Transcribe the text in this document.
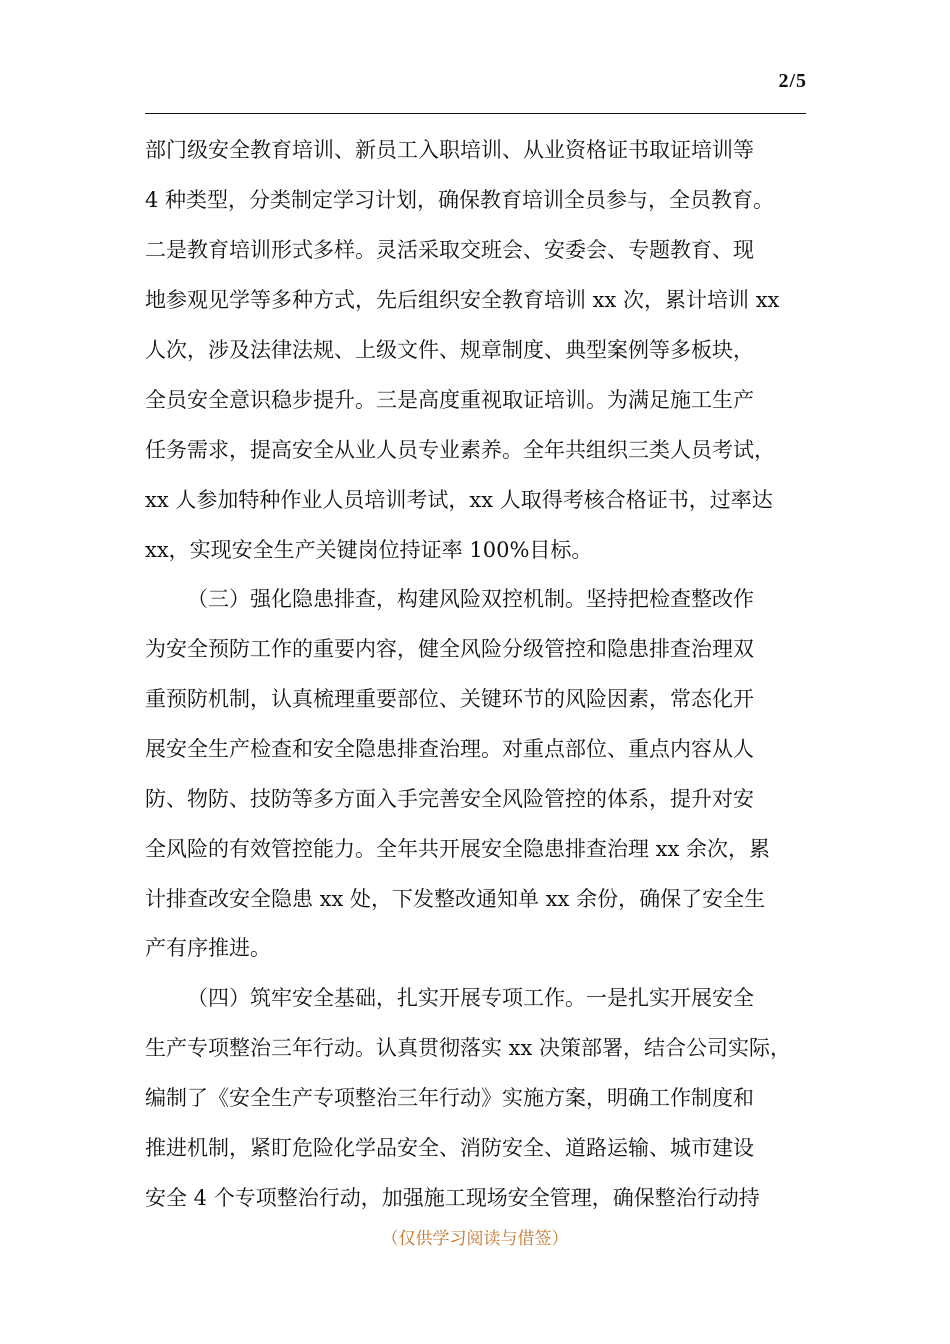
2/5
部门级安全教育培训、新员工入职培训、从业资格证书取证培训等
4 种类型，分类制定学习计划，确保教育培训全员参与，全员教育。
二是教育培训形式多样。灵活采取交班会、安委会、专题教育、现
地参观见学等多种方式，先后组织安全教育培训 xx 次，累计培训 xx
人次，涉及法律法规、上级文件、规章制度、典型案例等多板块，
全员安全意识稳步提升。三是高度重视取证培训。为满足施工生产
任务需求，提高安全从业人员专业素养。全年共组织三类人员考试，
xx 人参加特种作业人员培训考试，xx 人取得考核合格证书，过率达
xx，实现安全生产关键岗位持证率 100%目标。
（三）强化隐患排查，构建风险双控机制。坚持把检查整改作
为安全预防工作的重要内容，健全风险分级管控和隐患排查治理双
重预防机制，认真梳理重要部位、关键环节的风险因素，常态化开
展安全生产检查和安全隐患排查治理。对重点部位、重点内容从人
防、物防、技防等多方面入手完善安全风险管控的体系，提升对安
全风险的有效管控能力。全年共开展安全隐患排查治理 xx 余次，累
计排查改安全隐患 xx 处，下发整改通知单 xx 余份，确保了安全生
产有序推进。
（四）筑牢安全基础，扎实开展专项工作。一是扎实开展安全
生产专项整治三年行动。认真贯彻落实 xx 决策部署，结合公司实际，
编制了《安全生产专项整治三年行动》实施方案，明确工作制度和
推进机制，紧盯危险化学品安全、消防安全、道路运输、城市建设
安全 4 个专项整治行动，加强施工现场安全管理，确保整治行动持
（仅供学习阅读与借签）
